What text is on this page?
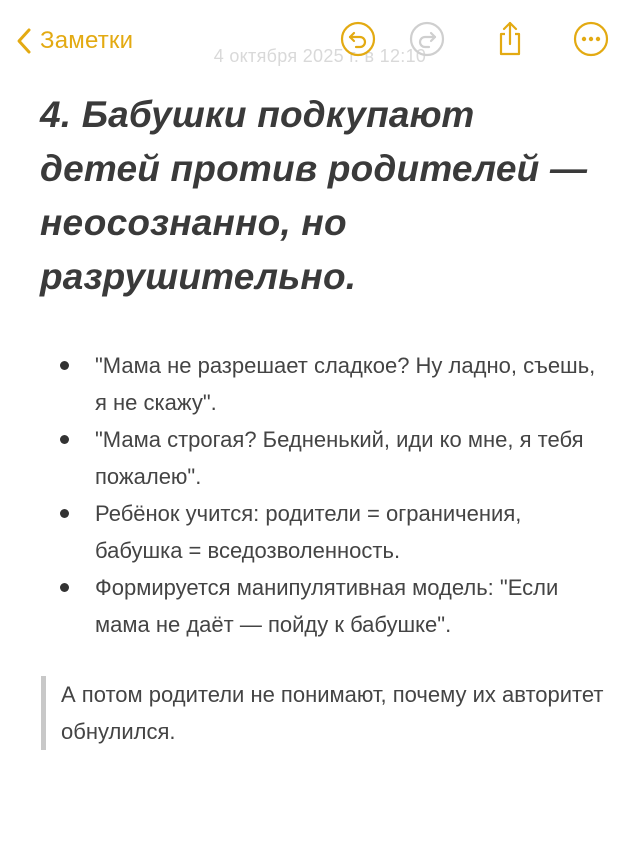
Заметки
4 октября 2025 г. в 12:10
4. Бабушки подкупают детей против родителей — неосознанно, но разрушительно.
"Мама не разрешает сладкое? Ну ладно, съешь, я не скажу".
"Мама строгая? Бедненький, иди ко мне, я тебя пожалею".
Ребёнок учится: родители = ограничения, бабушка = вседозволенность.
Формируется манипулятивная модель: "Если мама не даёт — пойду к бабушке".
А потом родители не понимают, почему их авторитет обнулился.
